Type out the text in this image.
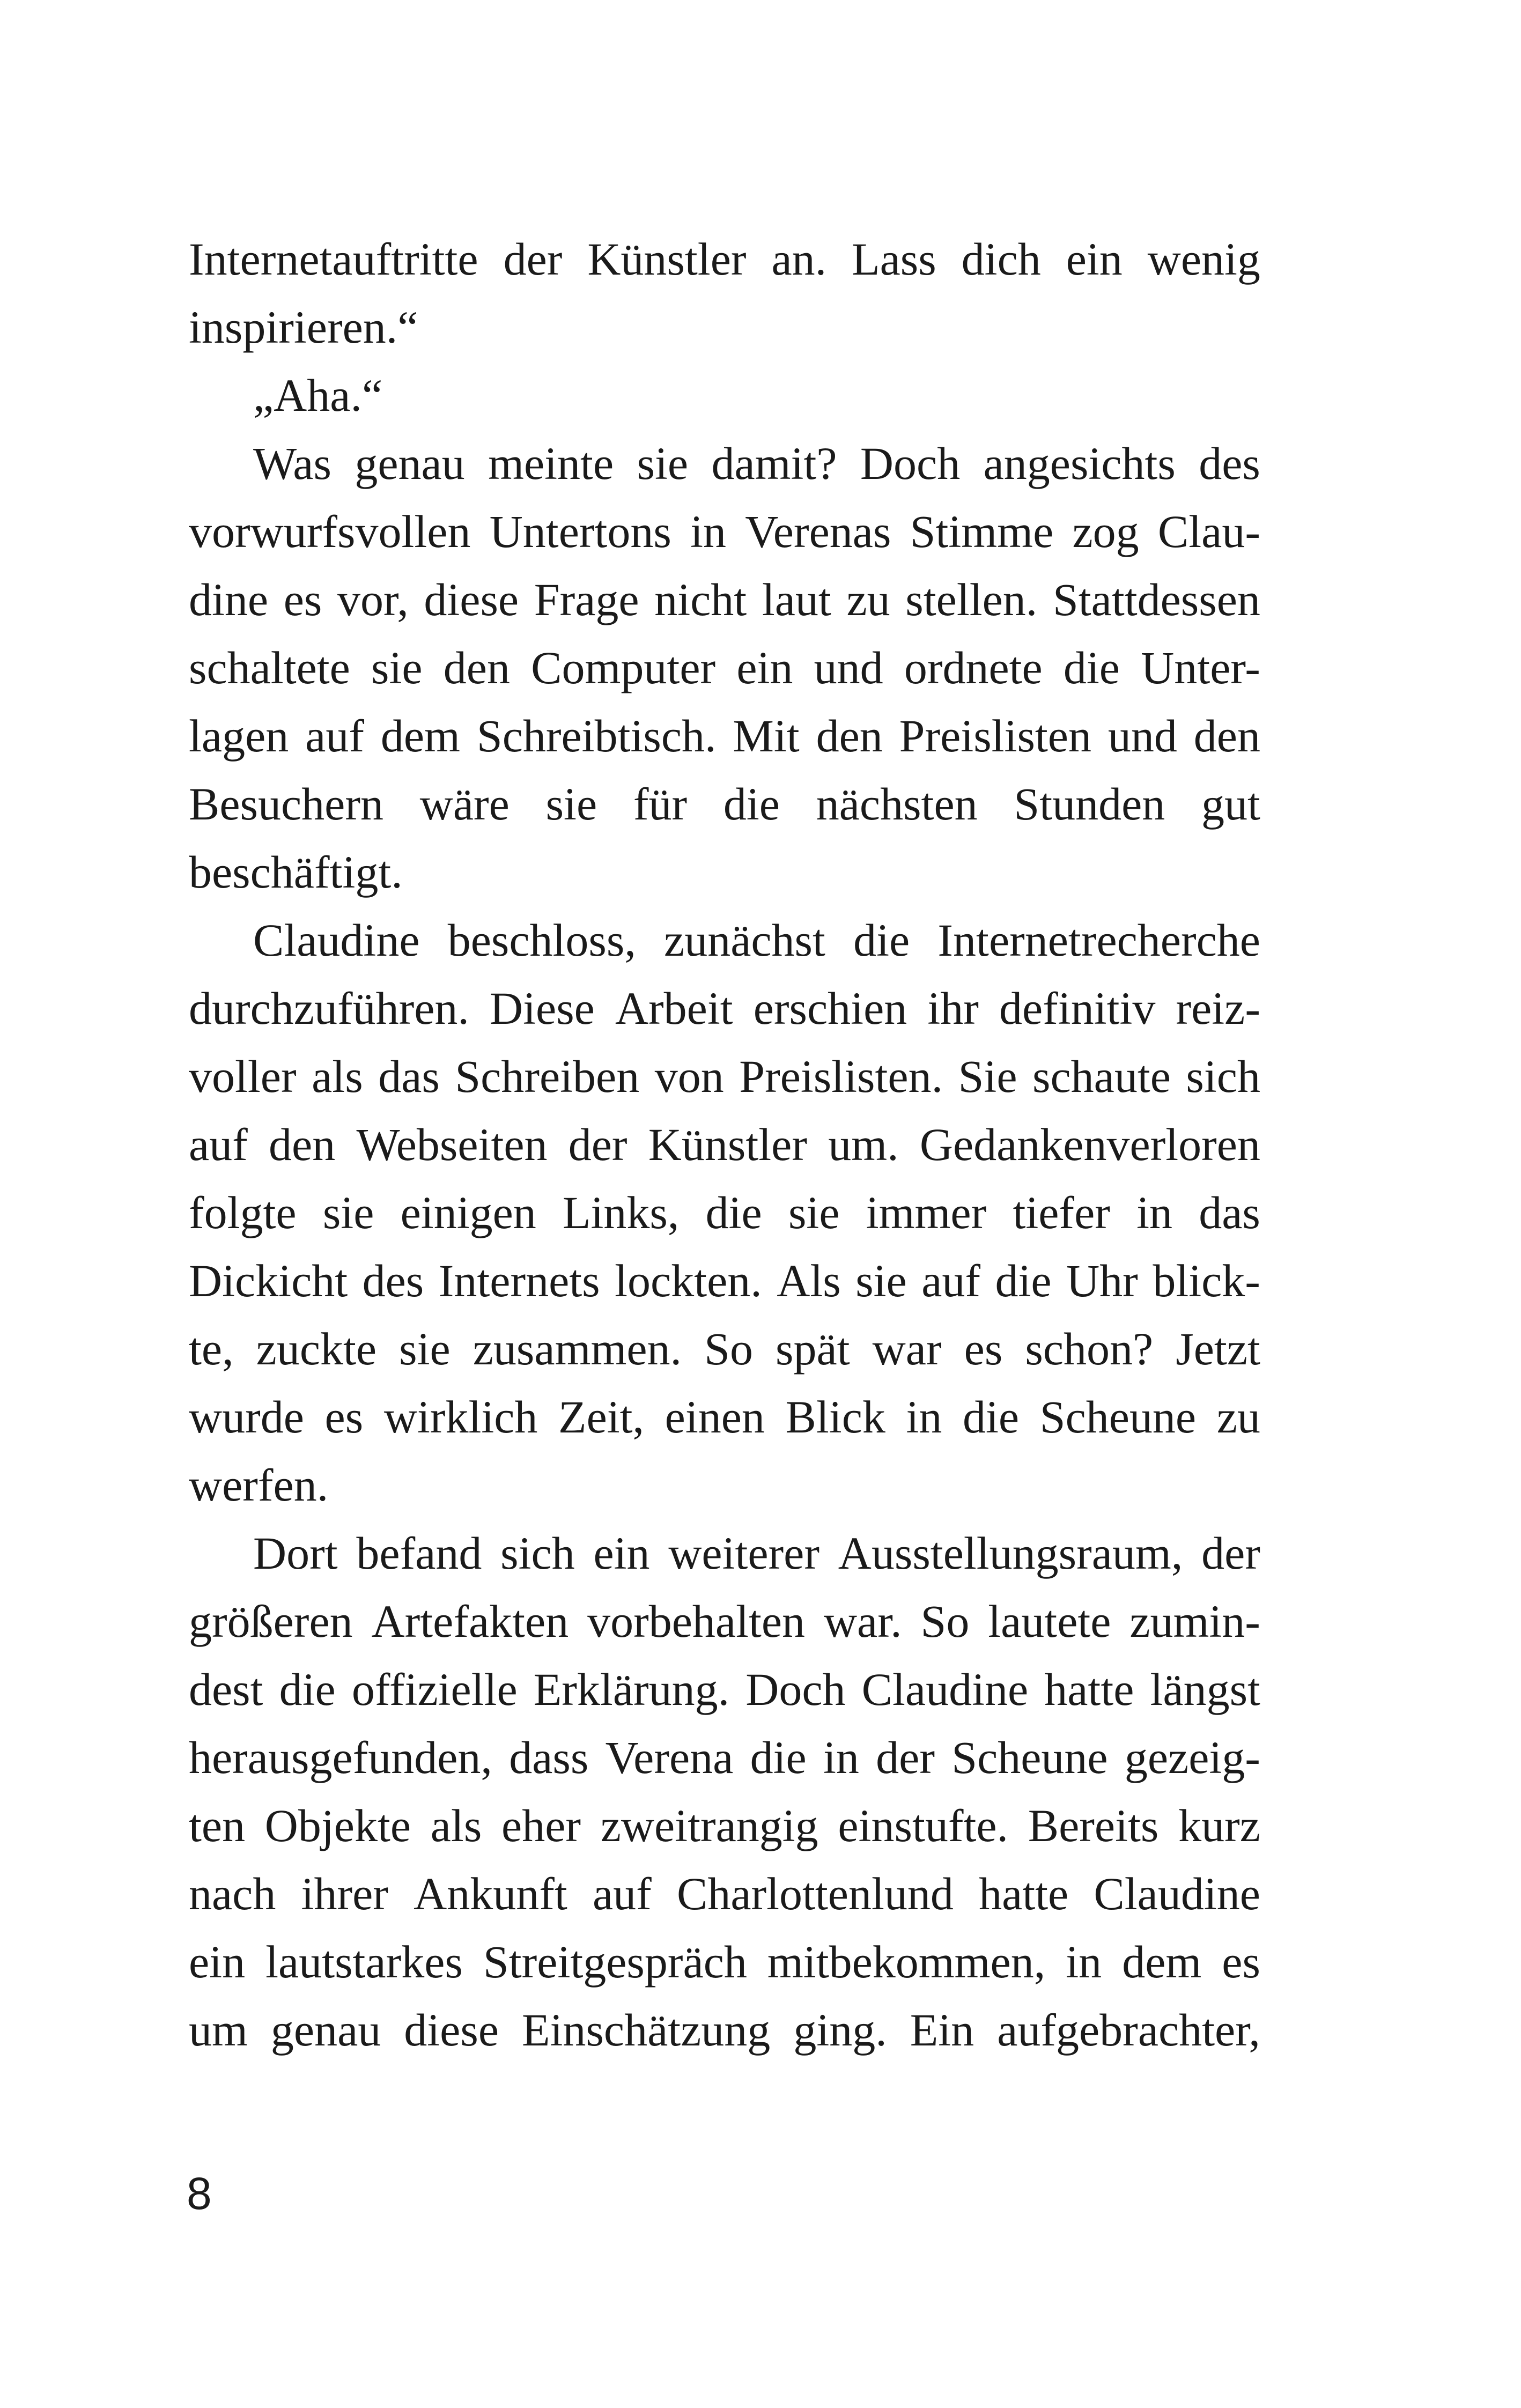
Internetauftritte der Künstler an. Lass dich ein wenig
inspirieren.“
„Aha.“
Was genau meinte sie damit? Doch angesichts des
vorwurfsvollen Untertons in Verenas Stimme zog Clau-
dine es vor, diese Frage nicht laut zu stellen. Stattdessen
schaltete sie den Computer ein und ordnete die Unter-
lagen auf dem Schreibtisch. Mit den Preislisten und den
Besuchern wäre sie für die nächsten Stunden gut
beschäftigt.
Claudine beschloss, zunächst die Internetrecherche
durchzuführen. Diese Arbeit erschien ihr definitiv reiz-
voller als das Schreiben von Preislisten. Sie schaute sich
auf den Webseiten der Künstler um. Gedankenverloren
folgte sie einigen Links, die sie immer tiefer in das
Dickicht des Internets lockten. Als sie auf die Uhr blick-
te, zuckte sie zusammen. So spät war es schon? Jetzt
wurde es wirklich Zeit, einen Blick in die Scheune zu
werfen.
Dort befand sich ein weiterer Ausstellungsraum, der
größeren Artefakten vorbehalten war. So lautete zumin-
dest die offizielle Erklärung. Doch Claudine hatte längst
herausgefunden, dass Verena die in der Scheune gezeig-
ten Objekte als eher zweitrangig einstufte. Bereits kurz
nach ihrer Ankunft auf Charlottenlund hatte Claudine
ein lautstarkes Streitgespräch mitbekommen, in dem es
um genau diese Einschätzung ging. Ein aufgebrachter,
8
